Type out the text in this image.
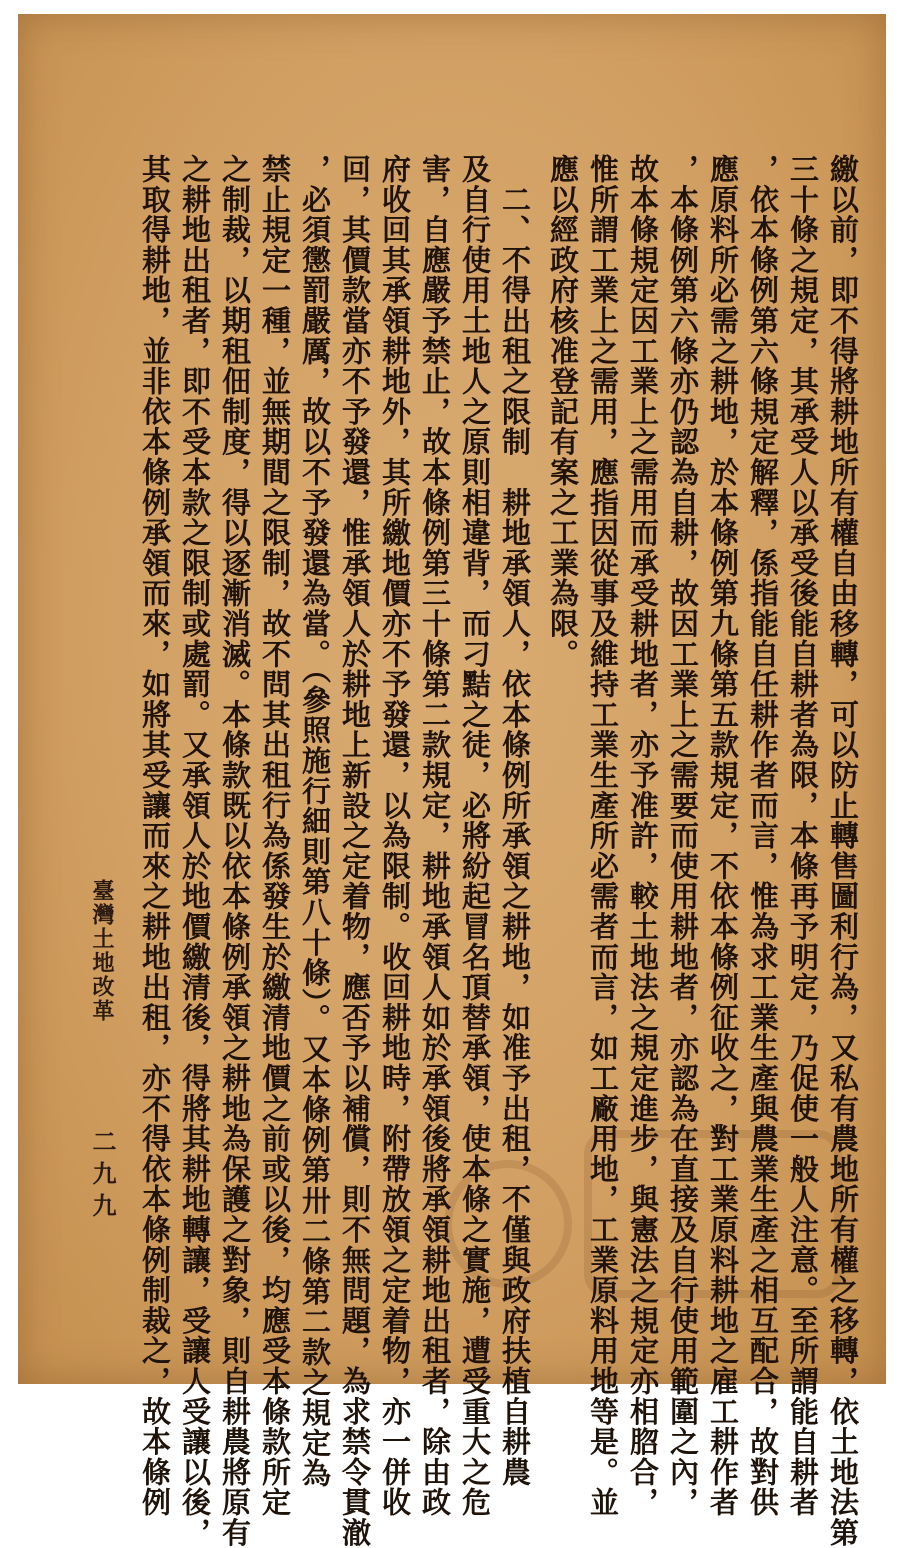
繳以前，即不得將耕地所有權自由移轉，可以防止轉售圖利行為，又私有農地所有權之移轉，依土地法第
三十條之規定，其承受人以承受後能自耕者為限，本條再予明定，乃促使一般人注意。至所謂能自耕者
，依本條例第六條規定解釋，係指能自任耕作者而言，惟為求工業生產與農業生產之相互配合，故對供
應原料所必需之耕地，於本條例第九條第五款規定，不依本條例征收之，對工業原料耕地之雇工耕作者
，本條例第六條亦仍認為自耕，故因工業上之需要而使用耕地者，亦認為在直接及自行使用範圍之內，
故本條規定因工業上之需用而承受耕地者，亦予准許，較土地法之規定進步，與憲法之規定亦相脗合，
惟所謂工業上之需用，應指因從事及維持工業生產所必需者而言，如工廠用地，工業原料用地等是。並
應以經政府核准登記有案之工業為限。
　二、不得出租之限制　耕地承領人，依本條例所承領之耕地，如准予出租，不僅與政府扶植自耕農
及自行使用土地人之原則相違背，而刁黠之徒，必將紛起冒名頂替承領，使本條之實施，遭受重大之危
害，自應嚴予禁止，故本條例第三十條第二款規定，耕地承領人如於承領後將承領耕地出租者，除由政
府收回其承領耕地外，其所繳地價亦不予發還，以為限制。收回耕地時，附帶放領之定着物，亦一併收
回，其價款當亦不予發還，惟承領人於耕地上新設之定着物，應否予以補償，則不無問題，為求禁令貫澈
，必須懲罰嚴厲，故以不予發還為當。（參照施行細則第八十條）。又本條例第卅二條第二款之規定為
禁止規定一種，並無期間之限制，故不問其出租行為係發生於繳清地價之前或以後，均應受本條款所定
之制裁，以期租佃制度，得以逐漸消滅。本條款既以依本條例承領之耕地為保護之對象，則自耕農將原有
之耕地出租者，即不受本款之限制或處罰。又承領人於地價繳清後，得將其耕地轉讓，受讓人受讓以後，
其取得耕地，並非依本條例承領而來，如將其受讓而來之耕地出租，亦不得依本條例制裁之，故本條例
臺灣土地改革
二九九
